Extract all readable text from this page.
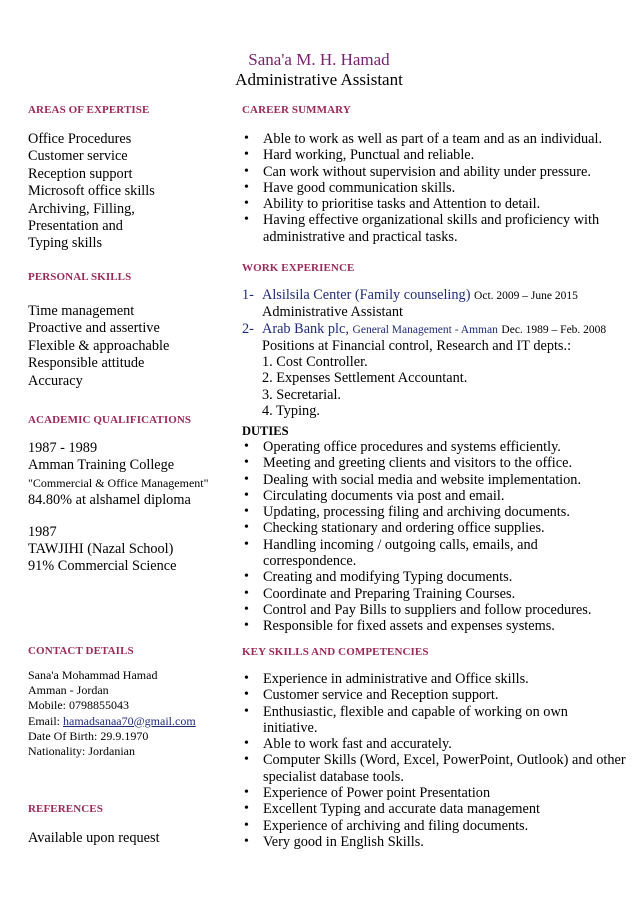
Sana'a M. H. Hamad
Administrative Assistant
AREAS OF EXPERTISE
Office Procedures
Customer service
Reception support
Microsoft office skills
Archiving, Filling,
Presentation and
Typing skills
PERSONAL SKILLS
Time management
Proactive and assertive
Flexible & approachable
Responsible attitude
Accuracy
ACADEMIC QUALIFICATIONS
1987 - 1989
Amman Training College
"Commercial & Office Management"
84.80% at alshamel diploma
1987
TAWJIHI (Nazal School)
91% Commercial Science
CONTACT DETAILS
Sana'a Mohammad Hamad
Amman - Jordan
Mobile: 0798855043
Email: hamadsanaa70@gmail.com
Date Of Birth: 29.9.1970
Nationality: Jordanian
REFERENCES
Available upon request
CAREER SUMMARY
• Able to work as well as part of a team and as an individual.
• Hard working, Punctual and reliable.
• Can work without supervision and ability under pressure.
• Have good communication skills.
• Ability to prioritise tasks and Attention to detail.
• Having effective organizational skills and proficiency with administrative and practical tasks.
WORK EXPERIENCE
1- Alsilsila Center (Family counseling) Oct. 2009 – June 2015
Administrative Assistant
2- Arab Bank plc, General Management - Amman Dec. 1989 – Feb. 2008
Positions at Financial control, Research and IT depts.:
1. Cost Controller.
2. Expenses Settlement Accountant.
3. Secretarial.
4. Typing.
DUTIES
• Operating office procedures and systems efficiently.
• Meeting and greeting clients and visitors to the office.
• Dealing with social media and website implementation.
• Circulating documents via post and email.
• Updating, processing filing and archiving documents.
• Checking stationary and ordering office supplies.
• Handling incoming / outgoing calls, emails, and correspondence.
• Creating and modifying Typing documents.
• Coordinate and Preparing Training Courses.
• Control and Pay Bills to suppliers and follow procedures.
• Responsible for fixed assets and expenses systems.
KEY SKILLS AND COMPETENCIES
• Experience in administrative and Office skills.
• Customer service and Reception support.
• Enthusiastic, flexible and capable of working on own initiative.
• Able to work fast and accurately.
• Computer Skills (Word, Excel, PowerPoint, Outlook) and other specialist database tools.
• Experience of Power point Presentation
• Excellent Typing and accurate data management
• Experience of archiving and filing documents.
• Very good in English Skills.
